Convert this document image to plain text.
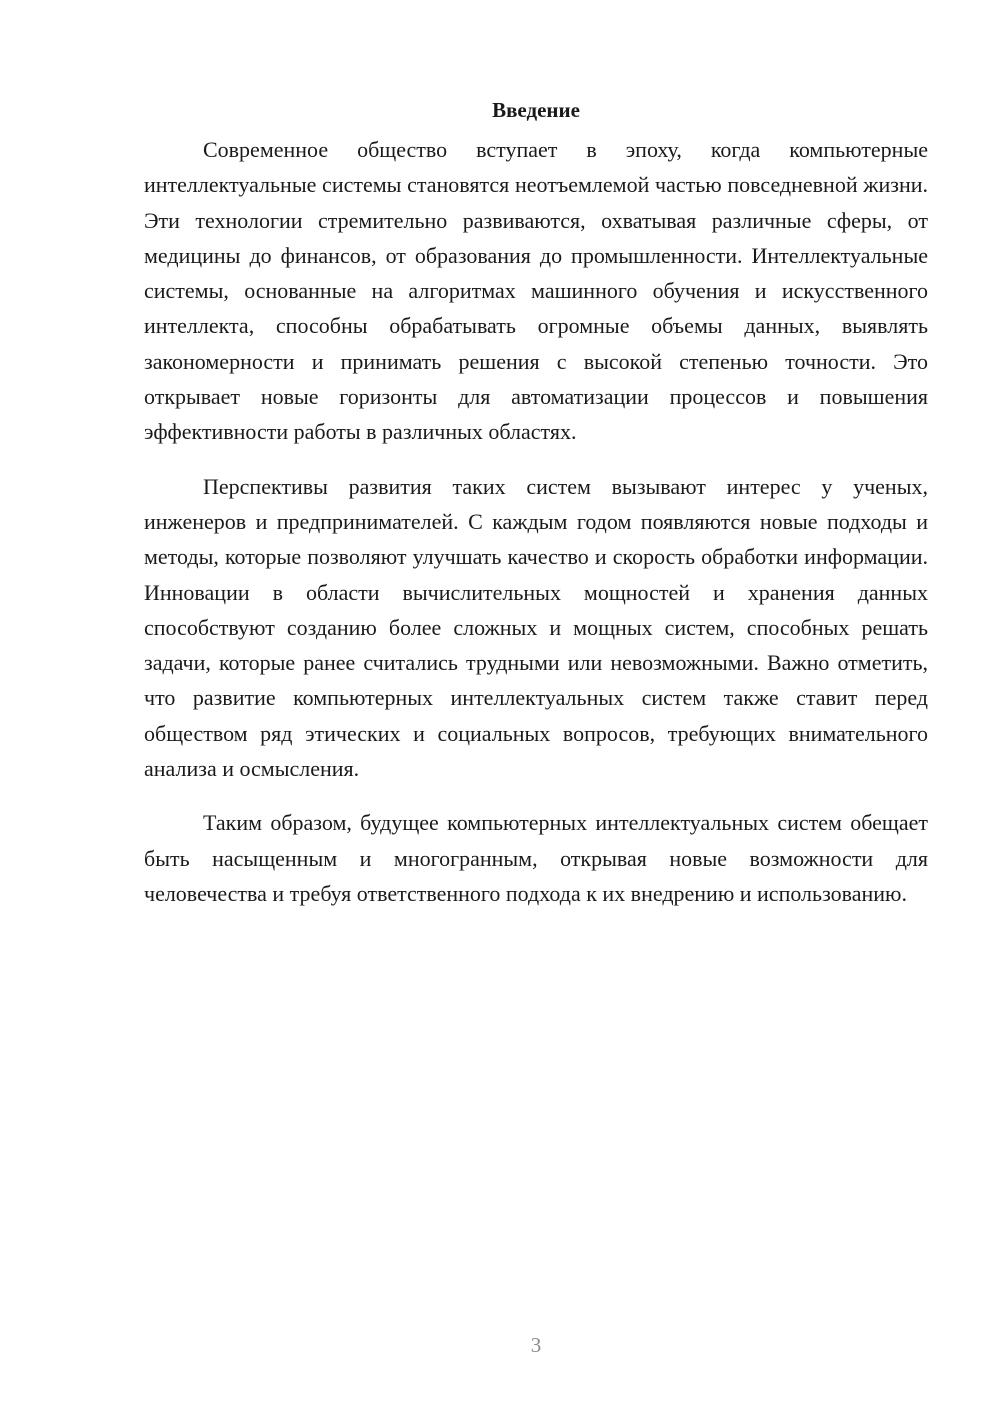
Введение

Современное общество вступает в эпоху, когда компьютерные интеллектуальные системы становятся неотъемлемой частью повседневной жизни. Эти технологии стремительно развиваются, охватывая различные сферы, от медицины до финансов, от образования до промышленности. Интеллектуальные системы, основанные на алгоритмах машинного обучения и искусственного интеллекта, способны обрабатывать огромные объемы данных, выявлять закономерности и принимать решения с высокой степенью точности. Это открывает новые горизонты для автоматизации процессов и повышения эффективности работы в различных областях.

Перспективы развития таких систем вызывают интерес у ученых, инженеров и предпринимателей. С каждым годом появляются новые подходы и методы, которые позволяют улучшать качество и скорость обработки информации. Инновации в области вычислительных мощностей и хранения данных способствуют созданию более сложных и мощных систем, способных решать задачи, которые ранее считались трудными или невозможными. Важно отметить, что развитие компьютерных интеллектуальных систем также ставит перед обществом ряд этических и социальных вопросов, требующих внимательного анализа и осмысления.

Таким образом, будущее компьютерных интеллектуальных систем обещает быть насыщенным и многогранным, открывая новые возможности для человечества и требуя ответственного подхода к их внедрению и использованию.

3
